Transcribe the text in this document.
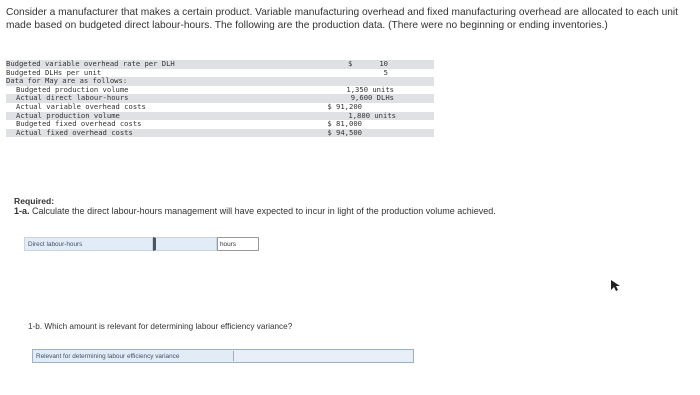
Consider a manufacturer that makes a certain product. Variable manufacturing overhead and fixed manufacturing overhead are allocated to each unit made based on budgeted direct labour-hours. The following are the production data. (There were no beginning or ending inventories.)
Budgeted variable overhead rate per DLH	$	10
Budgeted DLHs per unit	5
Data for May are as follows:
Budgeted production volume	1,350 units
Actual direct labour-hours	9,600 DLHs
Actual variable overhead costs	$ 91,200
Actual production volume	1,800 units
Budgeted fixed overhead costs	$ 81,000
Actual fixed overhead costs	$ 94,500
Required:
1-a. Calculate the direct labour-hours management will have expected to incur in light of the production volume achieved.
Direct labour-hours	hours
1-b. Which amount is relevant for determining labour efficiency variance?
Relevant for determining labour efficiency variance
